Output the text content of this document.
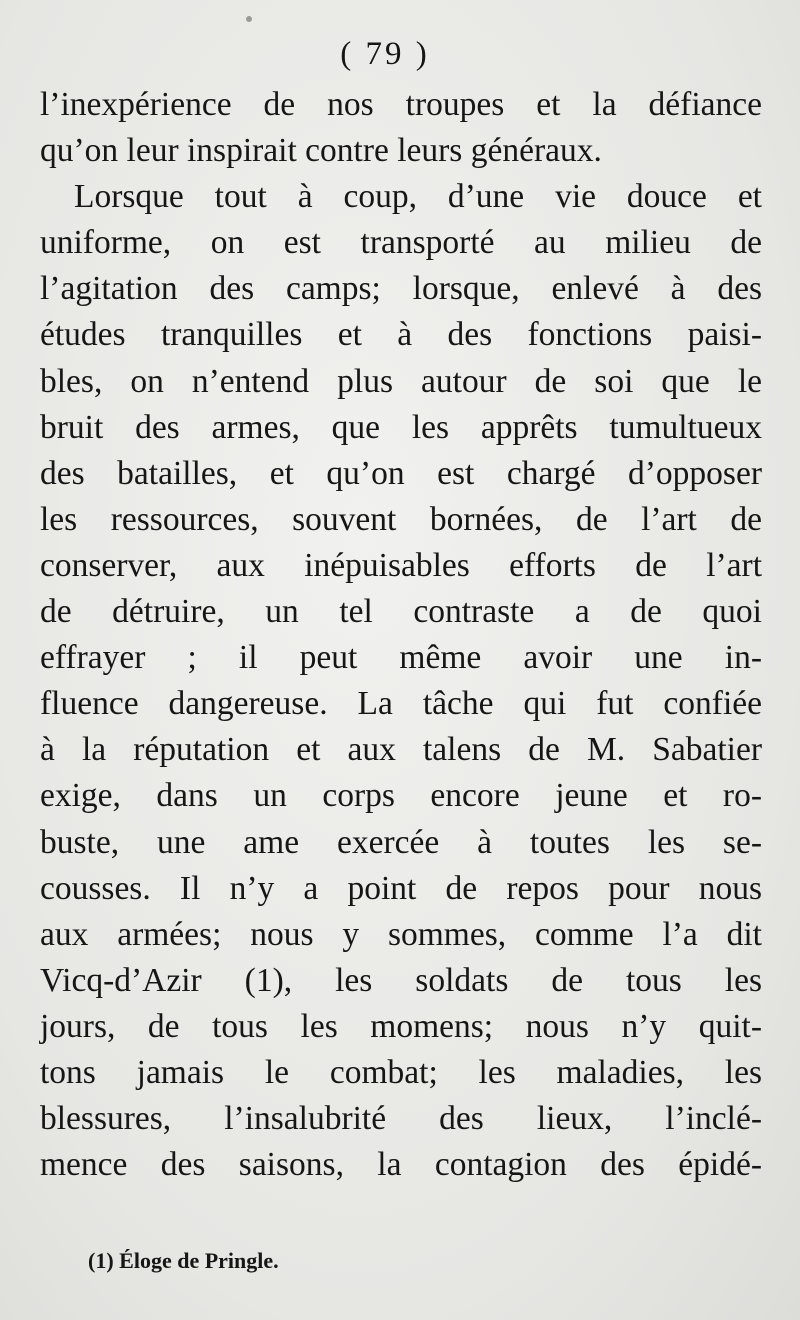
( 79 )
l’inexpérience de nos troupes et la défiance
qu’on leur inspirait contre leurs généraux.
Lorsque tout à coup, d’une vie douce et
uniforme, on est transporté au milieu de
l’agitation des camps; lorsque, enlevé à des
études tranquilles et à des fonctions paisi-
bles, on n’entend plus autour de soi que le
bruit des armes, que les apprêts tumultueux
des batailles, et qu’on est chargé d’opposer
les ressources, souvent bornées, de l’art de
conserver, aux inépuisables efforts de l’art
de détruire, un tel contraste a de quoi
effrayer ; il peut même avoir une in-
fluence dangereuse. La tâche qui fut confiée
à la réputation et aux talens de M. Sabatier
exige, dans un corps encore jeune et ro-
buste, une ame exercée à toutes les se-
cousses. Il n’y a point de repos pour nous
aux armées; nous y sommes, comme l’a dit
Vicq-d’Azir (1), les soldats de tous les
jours, de tous les momens; nous n’y quit-
tons jamais le combat; les maladies, les
blessures, l’insalubrité des lieux, l’inclé-
mence des saisons, la contagion des épidé-
(1) Éloge de Pringle.
